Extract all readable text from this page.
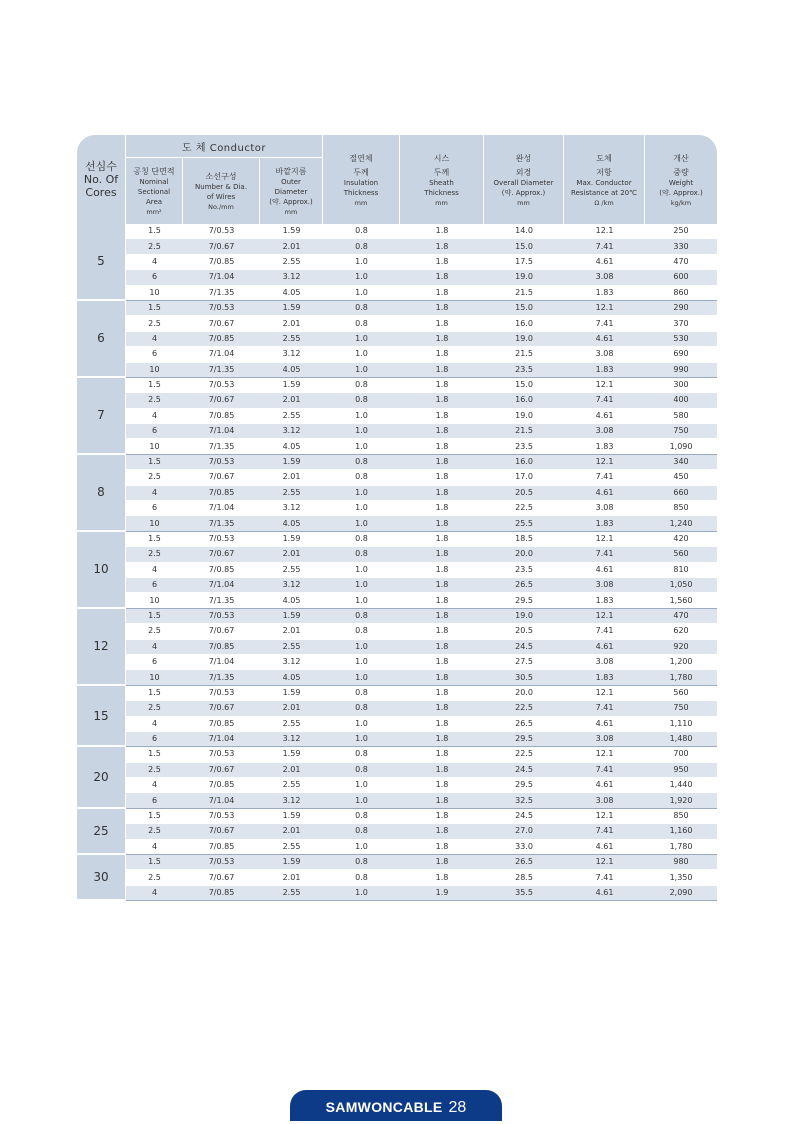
선심수
No. Of
Cores	도 체 Conductor			절연체
두께
Insulation
Thickness
mm	시스
두께
Sheath
Thickness
mm	완성
외경
Overall Diameter
(약. Approx.)
mm	도체
저항
Max. Conductor
Resistance at 20℃
Ω /km	개산
중량
Weight
(약. Approx.)
kg/km

	공칭 단면적
Nominal
Sectional
Area
mm²	소선구성
Number & Dia.
of Wires
No./mm	바깥지름
Outer
Diameter
(약. Approx.)
mm					

5	1.5	7/0.53	1.59	0.8	1.8	14.0	12.1	250
	2.5	7/0.67	2.01	0.8	1.8	15.0	7.41	330
	4	7/0.85	2.55	1.0	1.8	17.5	4.61	470
	6	7/1.04	3.12	1.0	1.8	19.0	3.08	600
	10	7/1.35	4.05	1.0	1.8	21.5	1.83	860
6	1.5	7/0.53	1.59	0.8	1.8	15.0	12.1	290
	2.5	7/0.67	2.01	0.8	1.8	16.0	7.41	370
	4	7/0.85	2.55	1.0	1.8	19.0	4.61	530
	6	7/1.04	3.12	1.0	1.8	21.5	3.08	690
	10	7/1.35	4.05	1.0	1.8	23.5	1.83	990
7	1.5	7/0.53	1.59	0.8	1.8	15.0	12.1	300
	2.5	7/0.67	2.01	0.8	1.8	16.0	7.41	400
	4	7/0.85	2.55	1.0	1.8	19.0	4.61	580
	6	7/1.04	3.12	1.0	1.8	21.5	3.08	750
	10	7/1.35	4.05	1.0	1.8	23.5	1.83	1,090
8	1.5	7/0.53	1.59	0.8	1.8	16.0	12.1	340
	2.5	7/0.67	2.01	0.8	1.8	17.0	7.41	450
	4	7/0.85	2.55	1.0	1.8	20.5	4.61	660
	6	7/1.04	3.12	1.0	1.8	22.5	3.08	850
	10	7/1.35	4.05	1.0	1.8	25.5	1.83	1,240
10	1.5	7/0.53	1.59	0.8	1.8	18.5	12.1	420
	2.5	7/0.67	2.01	0.8	1.8	20.0	7.41	560
	4	7/0.85	2.55	1.0	1.8	23.5	4.61	810
	6	7/1.04	3.12	1.0	1.8	26.5	3.08	1,050
	10	7/1.35	4.05	1.0	1.8	29.5	1.83	1,560
12	1.5	7/0.53	1.59	0.8	1.8	19.0	12.1	470
	2.5	7/0.67	2.01	0.8	1.8	20.5	7.41	620
	4	7/0.85	2.55	1.0	1.8	24.5	4.61	920
	6	7/1.04	3.12	1.0	1.8	27.5	3.08	1,200
	10	7/1.35	4.05	1.0	1.8	30.5	1.83	1,780
15	1.5	7/0.53	1.59	0.8	1.8	20.0	12.1	560
	2.5	7/0.67	2.01	0.8	1.8	22.5	7.41	750
	4	7/0.85	2.55	1.0	1.8	26.5	4.61	1,110
	6	7/1.04	3.12	1.0	1.8	29.5	3.08	1,480
20	1.5	7/0.53	1.59	0.8	1.8	22.5	12.1	700
	2.5	7/0.67	2.01	0.8	1.8	24.5	7.41	950
	4	7/0.85	2.55	1.0	1.8	29.5	4.61	1,440
	6	7/1.04	3.12	1.0	1.8	32.5	3.08	1,920
25	1.5	7/0.53	1.59	0.8	1.8	24.5	12.1	850
	2.5	7/0.67	2.01	0.8	1.8	27.0	7.41	1,160
	4	7/0.85	2.55	1.0	1.8	33.0	4.61	1,780
30	1.5	7/0.53	1.59	0.8	1.8	26.5	12.1	980
	2.5	7/0.67	2.01	0.8	1.8	28.5	7.41	1,350
	4	7/0.85	2.55	1.0	1.9	35.5	4.61	2,090
SAMWONCABLE 28
